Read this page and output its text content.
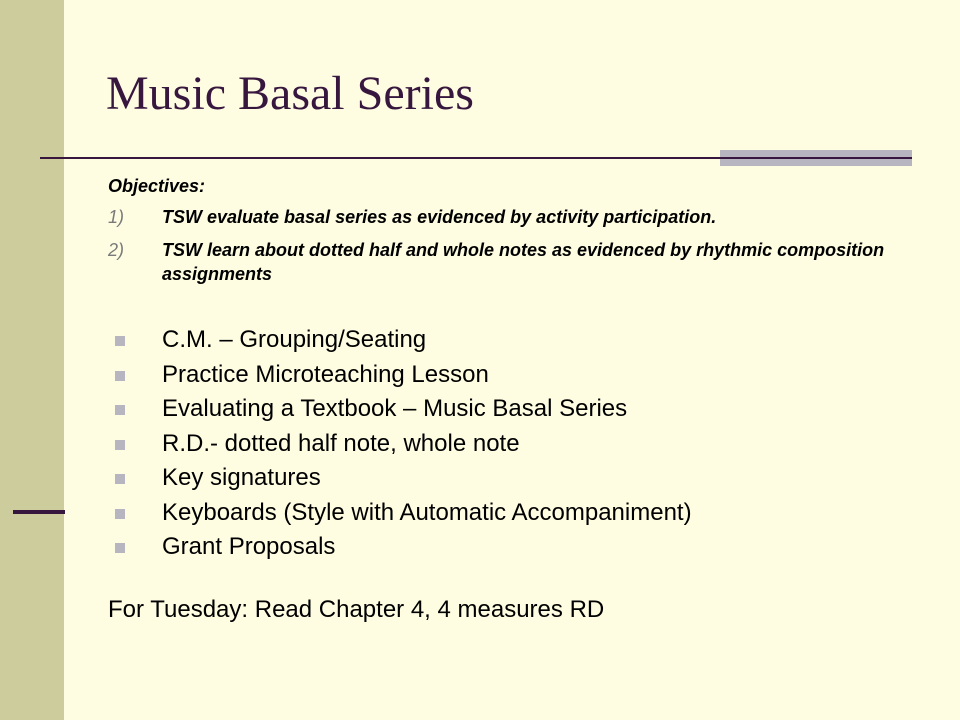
Music Basal Series

Objectives:

1) TSW evaluate basal series as evidenced by activity participation.
2) TSW learn about dotted half and whole notes as evidenced by rhythmic composition assignments
C.M. – Grouping/Seating
Practice Microteaching Lesson
Evaluating a Textbook – Music Basal Series
R.D.- dotted half note, whole note
Key signatures
Keyboards (Style with Automatic Accompaniment)
Grant Proposals

For Tuesday: Read Chapter 4, 4 measures RD
